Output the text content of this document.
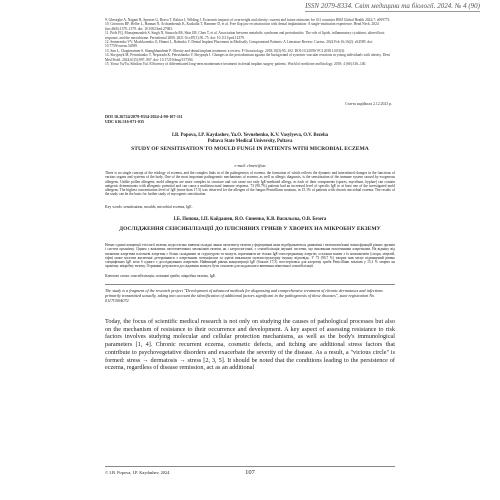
ISSN 2079-8334. Світ медицини та біології. 2024. № 4 (90)

9. Gheorghe A, Nagant R, Spenser G, Bravo T, Raktos I, Wilding J. Economic impacts of overweight and obesity: current and future estimates for 161 countries BMJ Global Health 2022;7: e009773.

10. Grönroos RF, Heller L, Hannan N, Archambeault K, Kushalla T, Hammer D, et al. Free flap jaw reconstruction with dental implantation: A single-institution experience. Head Neck. 2024 Jun;46(6):1370–1379. doi: 10.1002/hed.27683.

11. Pirih FQ, Monajemzadeh S, Singh N, Sinacola RS, Shin JM, Chen T, et al. Association between metabolic syndrome and periodontitis: The role of lipids, inflammatory cytokines, altered host response, and the microbiome. Periodontol 2000. 2021 Oct;87(1):50–75. doi: 10.1111/prd.12379.

12. Semerenko VV, Moshkorenko O, Hinnei L, Babenko V. Dental Implant Placement in Medically Compromised Patients: A Literature Review. Cureus. 2024 Feb 16;16(2): e54589. doi: 10.7759/cureus.54589.

13. Sun L, Chaptreuinen S, Shanghhandtran P. Obesity and dental implant treatment: a review. F Otoractology. 2018;10(3):95–102. DOI:10.22059/ FCI.2018.10.03(3).

14. Skrypnyk M, Petrushanko T, Neporada K, Petrushanko V, Skrypnyk I. Changes in the periodontium against the background of systemic vascular reactions in young individuals with obesity. Dent Med Probl. 2024;61(5):897–907. doi: 10.17219/dmp/157394.

15. Yoruz Yu/Yu, Silnikin Yul. Efficiency of differentiated long-term maintenance treatment in dental implant surgery patients. World of medicine and biology. 2018; 4 (66):136–140.

Стаття надійшла 2.12.2023 р.
DOI 10.26724/2079-8334-2024-4-90-107-111
UDC 616.516-071-035
I.B. Popova, I.P. Kaydashev, Ya.O. Yevnehenko, K.V. Vasylyeva, O.V. Bezeha
Poltava State Medical University, Poltava
STUDY OF SENSITISATION TO MOULD FUNGI IN PATIENTS WITH MICROBIAL ECZEMA
e-mail: clmerc@ua

There is no single concept of the etiology of eczema, and the complex links in of the pathogenesis of eczema, the formation of which reflects the dynamic and interrelated changes in the functions of various organs and systems of the body. One of the most important pathogenetic mechanisms of eczema, as well as allergic diagnosis, is the sensitization of the immune system caused by exogenous allergens. Unlike pollen allergens, mold allergens are more complex in structure and can cause not only IgE-mediated allergy, as each of their components (spores, mycelium, hyphae) can contain antigenic determinants with allergenic potential and can cause a multistructural immune response. 73 (90.7%) patients had an increased level of specific IgE to at least one of the investigated mold allergens. The highest concentration level of IgE (more than 17.5) was observed for the allergen of the fungus Penicillium notatum, in 15.1% of patients with chronic microbial eczema. The results of the study can be the basis for further study of mycogenic sensitisation.

Key words: sensitisation, moulds, microbial eczema, IgE.
І.Б. Попова, І.П. Кайдашев, Я.О. Євненко, К.В. Васильєва, О.В. Безега
ДОСЛІДЖЕННЯ СЕНСИБІЛІЗАЦІЇ ДО ПЛІСНЯВИХ ГРИБІВ У ХВОРИХ НА МІКРОБНУ ЕКЗЕМУ

Немає єдиної концепції етіології екземи, недостатньо вивчені складні ланки патогенезу екземи у формуванні яких відображаються динамічні і взаємопов'язані зміни функцій різних органів і систем організму. Одним з важливих патогенетичних механізмів екземи, як і алергологічної, є сенсибілізація імунної системи, що викликана екзогенними алергенами. На відміну від пилкових алергенів плісеневі алергени є більш складними за структурою та можуть спричиняти не тільки IgE-опосередковану алергію, оскільки кожен з їх компонентів (спори, міцелій, гіфи) може містити антигенні детермінанти з алергенним потенціалом та здатні викликати мультиструктурну імунну відповідь. У 73 (90,7 %) хворих мав місце підвищений рівень специфічних IgE хоча б одного з досліджуваних алергенів. Найвищий рівень концентрації IgE (більше 17,5) спостерігався для алергену гриба Penicillium notatum у 15,1 % хворих на хронічну мікробну екзему. Отримані результати дослідження можуть бути основою для подальшого вивчення мікогенної сенсибілізації.

Ключові слова: сенсибілізація, плісняві гриби, мікробна екзема, IgE.
The study is a fragment of the research project "Development of advanced methods for diagnosing and comprehensive treatment of chronic dermatoses and infections primarily transmitted sexually, taking into account the identification of additional factors significant in the pathogenesis of these diseases", state registration No. 0117U004072.

Today, the focus of scientific medical research is not only on studying the causes of pathological processes but also on the mechanism of resistance to their occurrence and development. A key aspect of assessing resistance to risk factors involves studying molecular and cellular protection mechanisms, as well as the body's immunological parameters [1, 4]. Chronic recurrent eczema, cosmetic defects, and itching are additional stress factors that contribute to psychovegetative disorders and exacerbate the severity of the disease. As a result, a "vicious circle" is formed: stress → dermatosis → stress [2, 3, 5]. It should be noted that the conditions leading to the persistence of eczema, regardless of disease remission, act as an additional

© I.B. Popova, I.P. Kaydashev, 2024	107
